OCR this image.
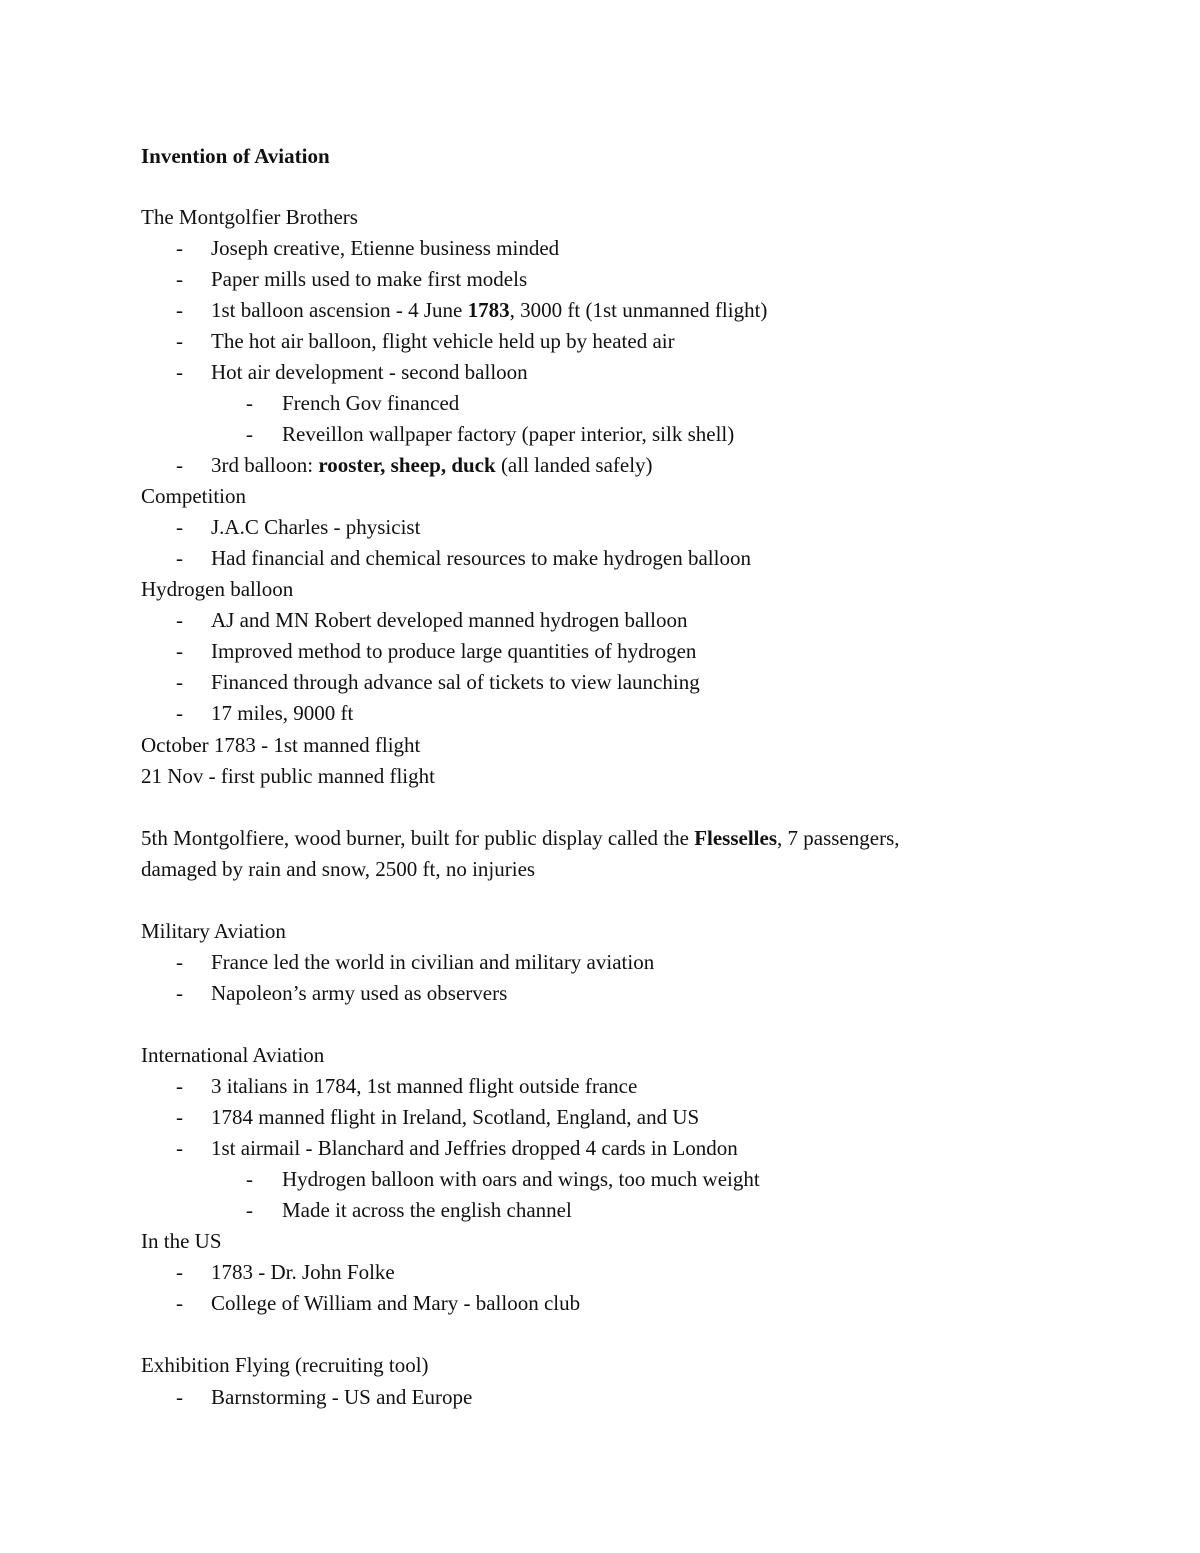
Invention of Aviation
The Montgolfier Brothers
- Joseph creative, Etienne business minded
- Paper mills used to make first models
- 1st balloon ascension - 4 June 1783, 3000 ft (1st unmanned flight)
- The hot air balloon, flight vehicle held up by heated air
- Hot air development - second balloon
- French Gov financed
- Reveillon wallpaper factory (paper interior, silk shell)
- 3rd balloon: rooster, sheep, duck (all landed safely)
Competition
- J.A.C Charles - physicist
- Had financial and chemical resources to make hydrogen balloon
Hydrogen balloon
- AJ and MN Robert developed manned hydrogen balloon
- Improved method to produce large quantities of hydrogen
- Financed through advance sal of tickets to view launching
- 17 miles, 9000 ft
October 1783 - 1st manned flight
21 Nov - first public manned flight
5th Montgolfiere, wood burner, built for public display called the Flesselles, 7 passengers,
damaged by rain and snow, 2500 ft, no injuries
Military Aviation
- France led the world in civilian and military aviation
- Napoleon’s army used as observers
International Aviation
- 3 italians in 1784, 1st manned flight outside france
- 1784 manned flight in Ireland, Scotland, England, and US
- 1st airmail - Blanchard and Jeffries dropped 4 cards in London
- Hydrogen balloon with oars and wings, too much weight
- Made it across the english channel
In the US
- 1783 - Dr. John Folke
- College of William and Mary - balloon club
Exhibition Flying (recruiting tool)
- Barnstorming - US and Europe
